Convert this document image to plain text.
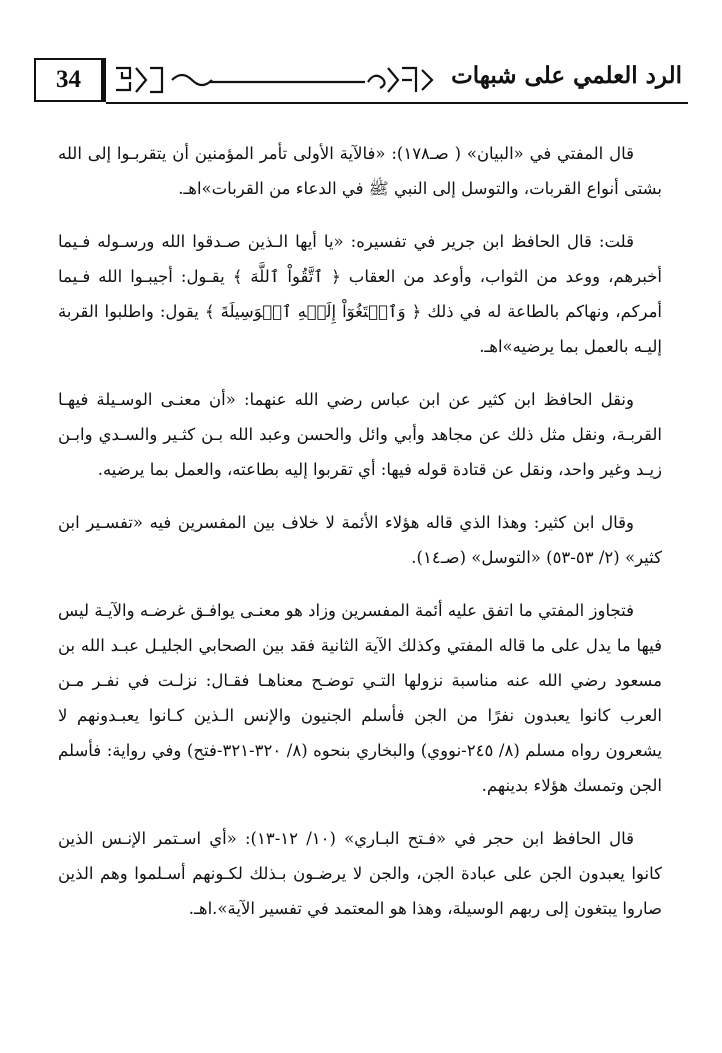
34	الرد العلمي على شبهات

قال المفتي في «البيان» ( صـ١٧٨): «فالآية الأولى تأمر المؤمنين أن يتقربـوا إلى الله بشتى أنواع القربات، والتوسل إلى النبي ﷺ في الدعاء من القربات»اهـ.

قلت: قال الحافظ ابن جرير في تفسيره: «يا أيها الـذين صـدقوا الله ورسـوله فـيما أخبرهم، ووعد من الثواب، وأوعد من العقاب ﴿ ٱتَّقُواْ ٱللَّهَ ﴾ يقـول: أجيبـوا الله فـيما أمركم، ونهاكم بالطاعة له في ذلك ﴿ وَٱبۡتَغُوٓاْ إِلَيۡهِ ٱلۡوَسِيلَةَ ﴾ يقول: واطلبوا القربة إليـه بالعمل بما يرضيه»اهـ.

ونقل الحافظ ابن كثير عن ابن عباس رضي الله عنهما: «أن معنـى الوسـيلة فيهـا القربـة، ونقل مثل ذلك عن مجاهد وأبي وائل والحسن وعبد الله بـن كثـير والسـدي وابـن زيـد وغير واحد، ونقل عن قتادة قوله فيها: أي تقربوا إليه بطاعته، والعمل بما يرضيه.

وقال ابن كثير: وهذا الذي قاله هؤلاء الأئمة لا خلاف بين المفسرين فيه «تفسـير ابن كثير» (٢/ ٥٣-٥٣) «التوسل» (صـ١٤).

فتجاوز المفتي ما اتفق عليه أئمة المفسرين وزاد هو معنـى يوافـق غرضـه والآيـة ليس فيها ما يدل على ما قاله المفتي وكذلك الآية الثانية فقد بين الصحابي الجليـل عبـد الله بن مسعود رضي الله عنه مناسبة نزولها التـي توضـح معناهـا فقـال: نزلـت في نفـر مـن العرب كانوا يعبدون نفرًا من الجن فأسلم الجنيون والإنس الـذين كـانوا يعبـدونهم لا يشعرون رواه مسلم (٨/ ٢٤٥-نووي) والبخاري بنحوه (٨/ ٣٢٠-٣٢١-فتح) وفي رواية: فأسلم الجن وتمسك هؤلاء بدينهم.

قال الحافظ ابن حجر في «فـتح البـاري» (١٠/ ١٢-١٣): «أي اسـتمر الإنـس الذين كانوا يعبدون الجن على عبادة الجن، والجن لا يرضـون بـذلك لكـونهم أسـلموا وهم الذين صاروا يبتغون إلى ربهم الوسيلة، وهذا هو المعتمد في تفسير الآية».اهـ.
